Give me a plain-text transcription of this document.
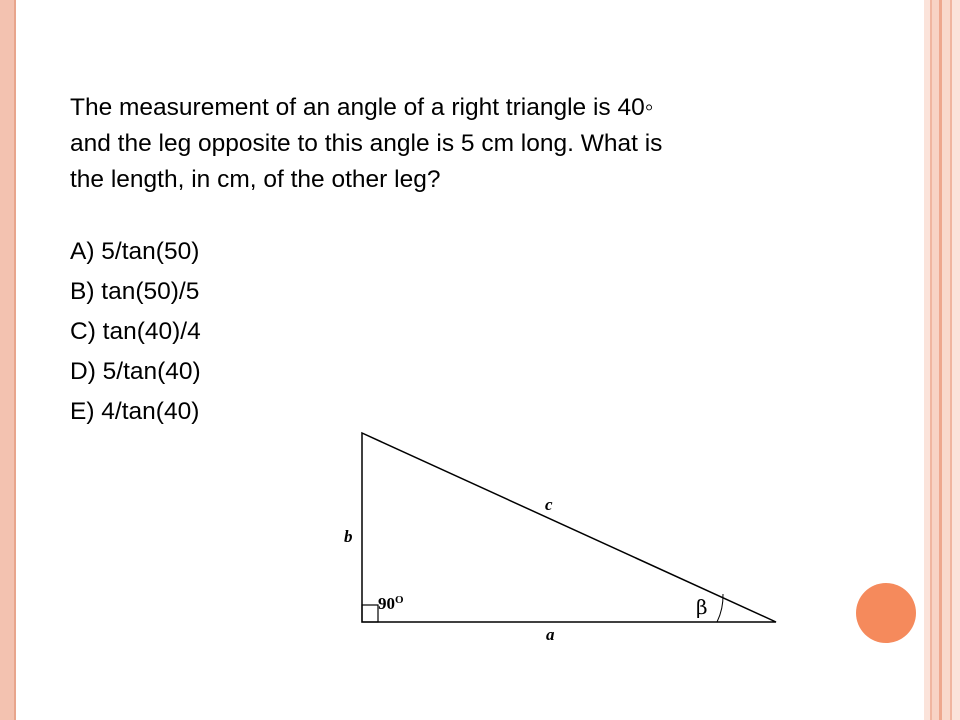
The measurement of an angle of a right triangle is 40◦
and the leg opposite to this angle is 5 cm long. What is
the length, in cm, of the other leg?

A) 5/tan(50)
B) tan(50)/5
C) tan(40)/4
D) 5/tan(40)
E) 4/tan(40)
b
c
a
$90^O$	β
